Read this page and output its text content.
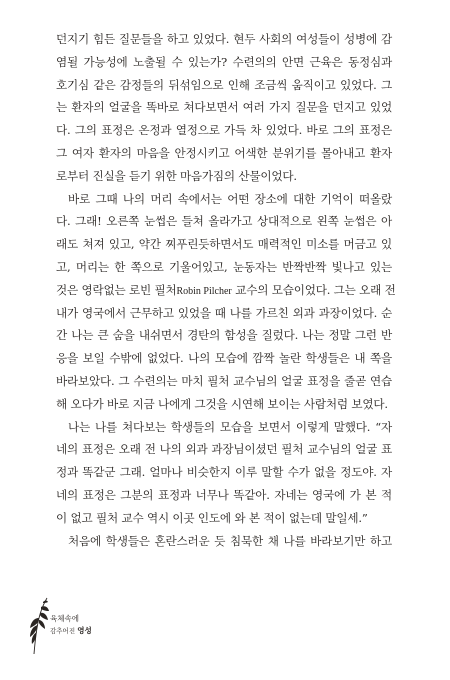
던지기 힘든 질문들을 하고 있었다. 현두 사회의 여성들이 성병에 감
염될 가능성에 노출될 수 있는가? 수련의의 안면 근육은 동정심과
호기심 같은 감정들의 뒤섞임으로 인해 조금씩 움직이고 있었다. 그
는 환자의 얼굴을 똑바로 쳐다보면서 여러 가지 질문을 던지고 있었
다. 그의 표정은 온정과 열정으로 가득 차 있었다. 바로 그의 표정은
그 여자 환자의 마음을 안정시키고 어색한 분위기를 몰아내고 환자
로부터 진실을 듣기 위한 마음가짐의 산물이었다.
바로 그때 나의 머리 속에서는 어떤 장소에 대한 기억이 떠올랐
다. 그래! 오른쪽 눈썹은 들쳐 올라가고 상대적으로 왼쪽 눈썹은 아
래도 쳐져 있고, 약간 찌푸린듯하면서도 매력적인 미소를 머금고 있
고, 머리는 한 쪽으로 기울어있고, 눈동자는 반짝반짝 빛나고 있는
것은 영락없는 로빈 필처Robin Pilcher 교수의 모습이었다. 그는 오래 전
내가 영국에서 근무하고 있었을 때 나를 가르친 외과 과장이었다. 순
간 나는 큰 숨을 내쉬면서 경탄의 함성을 질렀다. 나는 정말 그런 반
응을 보일 수밖에 없었다. 나의 모습에 깜짝 놀란 학생들은 내 쪽을
바라보았다. 그 수련의는 마치 필처 교수님의 얼굴 표정을 줄곧 연습
해 오다가 바로 지금 나에게 그것을 시연해 보이는 사람처럼 보였다.
나는 나를 쳐다보는 학생들의 모습을 보면서 이렇게 말했다. “자
네의 표정은 오래 전 나의 외과 과장님이셨던 필처 교수님의 얼굴 표
정과 똑같군 그래. 얼마나 비슷한지 이루 말할 수가 없을 정도야. 자
네의 표정은 그분의 표정과 너무나 똑같아. 자네는 영국에 가 본 적
이 없고 필처 교수 역시 이곳 인도에 와 본 적이 없는데 말일세.”
처음에 학생들은 혼란스러운 듯 침묵한 채 나를 바라보기만 하고
육체속에
감추어진 영성
